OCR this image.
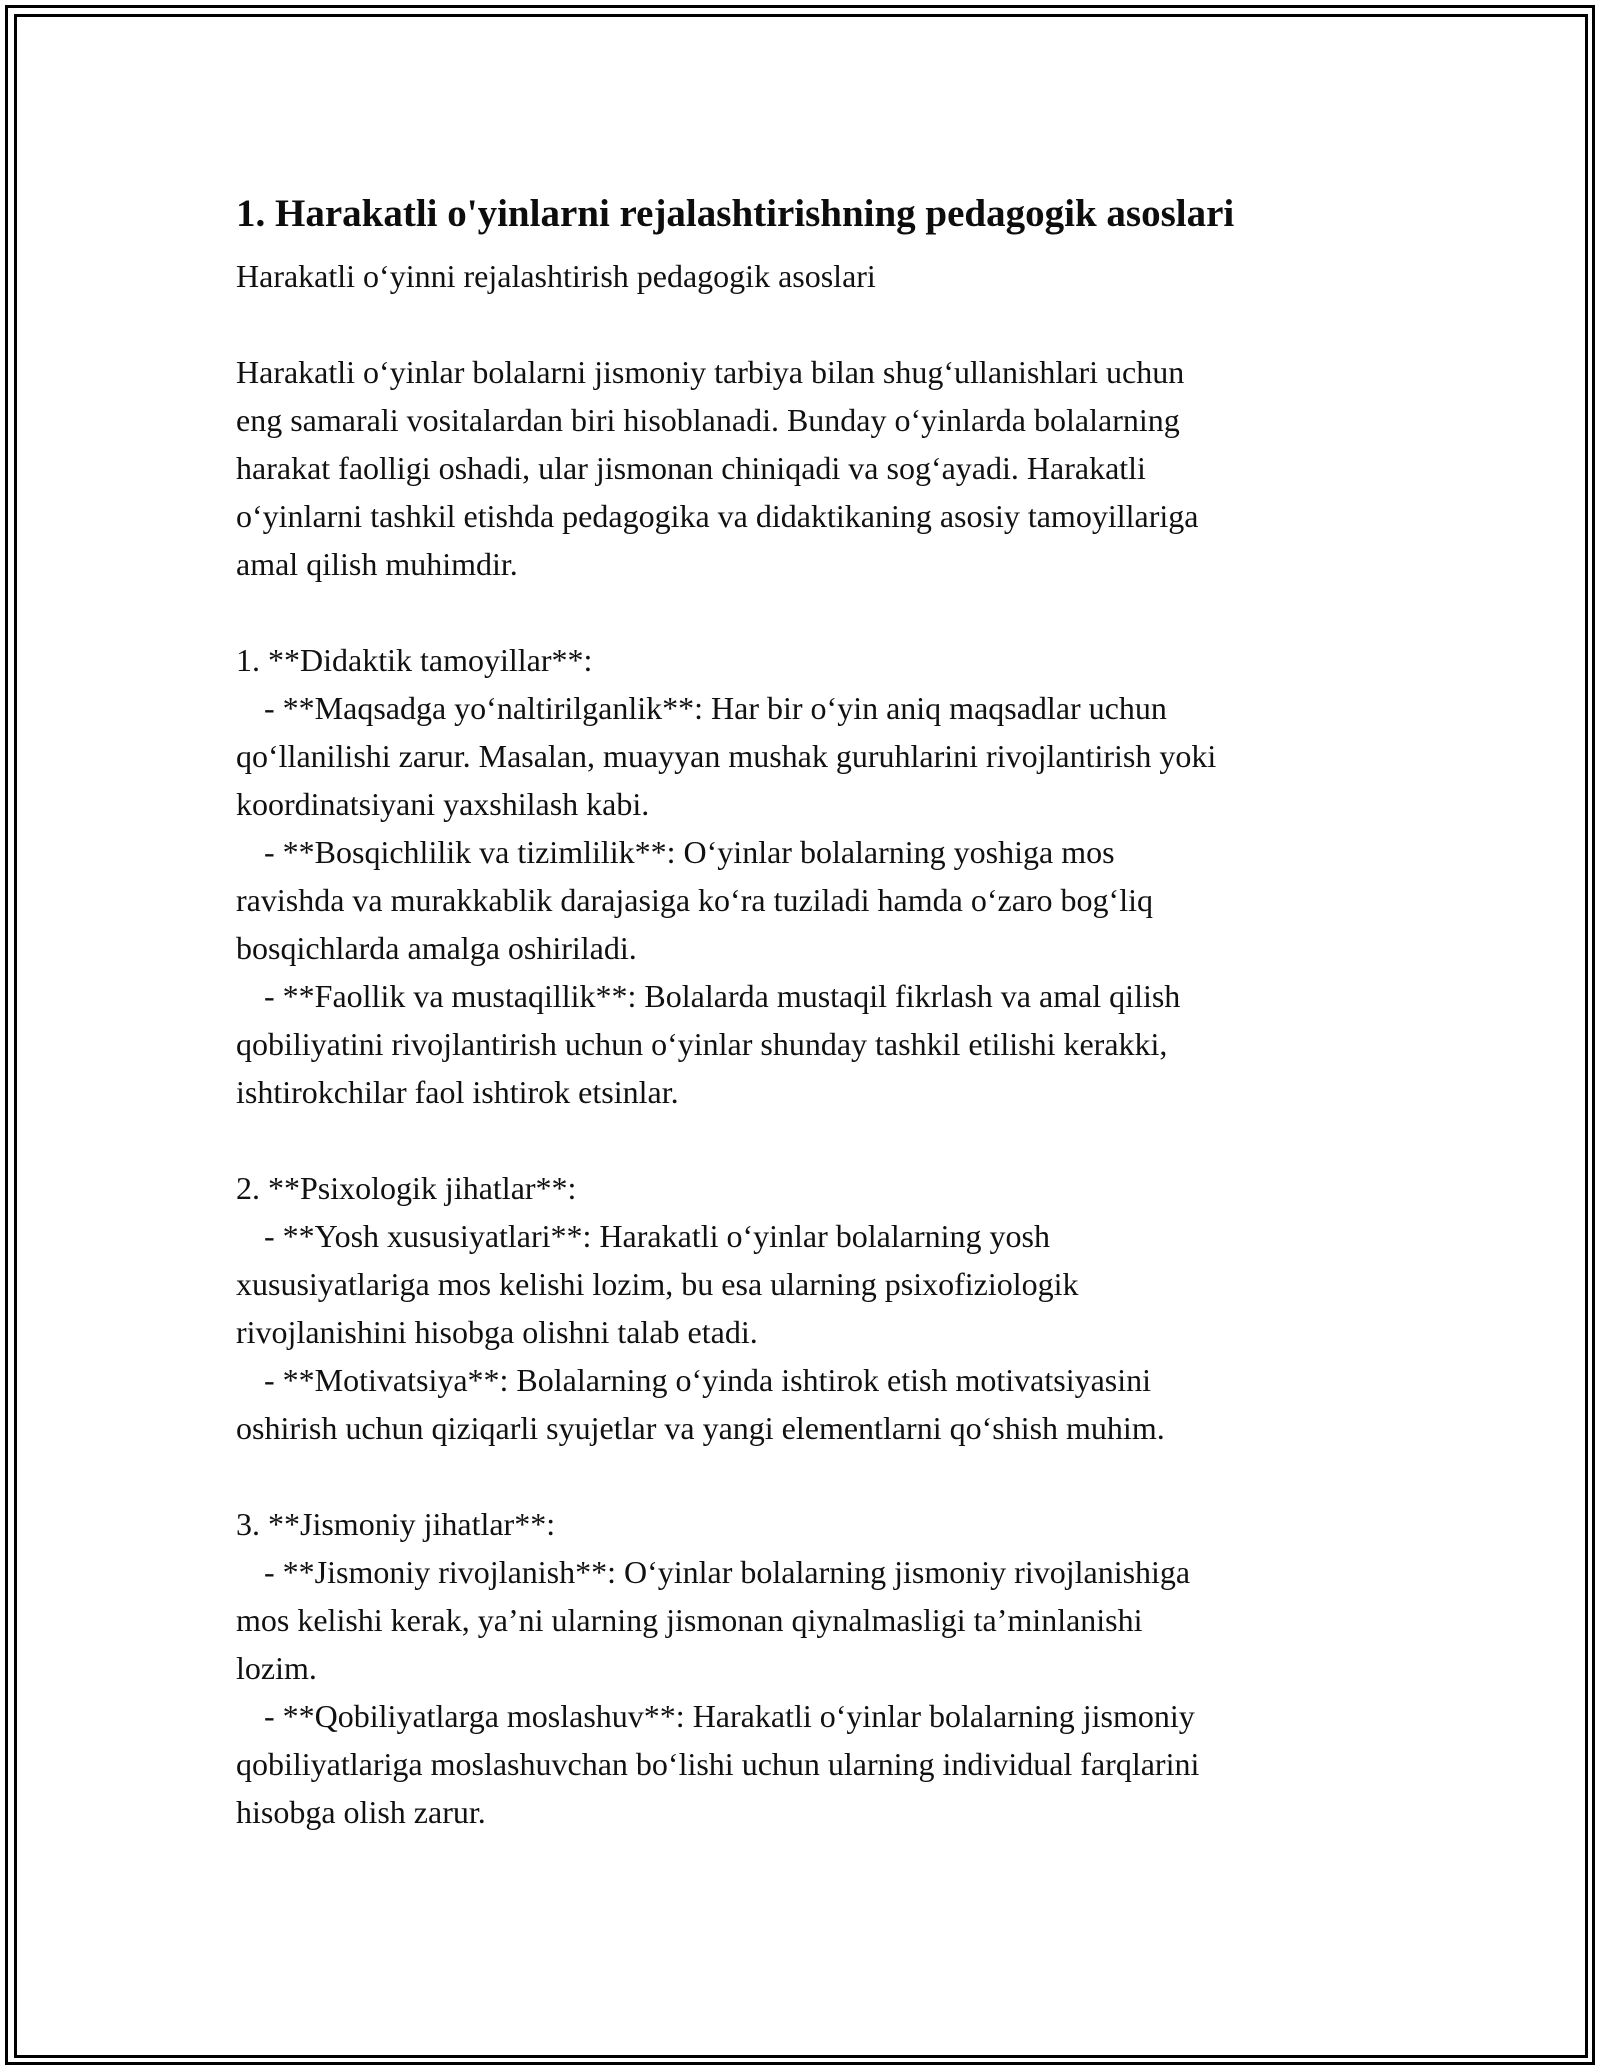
1. Harakatli o'yinlarni rejalashtirishning pedagogik asoslari

Harakatli o‘yinni rejalashtirish pedagogik asoslari

Harakatli o‘yinlar bolalarni jismoniy tarbiya bilan shug‘ullanishlari uchun
eng samarali vositalardan biri hisoblanadi. Bunday o‘yinlarda bolalarning
harakat faolligi oshadi, ular jismonan chiniqadi va sog‘ayadi. Harakatli
o‘yinlarni tashkil etishda pedagogika va didaktikaning asosiy tamoyillariga
amal qilish muhimdir.

1. **Didaktik tamoyillar**:

- **Maqsadga yo‘naltirilganlik**: Har bir o‘yin aniq maqsadlar uchun
qo‘llanilishi zarur. Masalan, muayyan mushak guruhlarini rivojlantirish yoki
koordinatsiyani yaxshilash kabi.

- **Bosqichlilik va tizimlilik**: O‘yinlar bolalarning yoshiga mos
ravishda va murakkablik darajasiga ko‘ra tuziladi hamda o‘zaro bog‘liq
bosqichlarda amalga oshiriladi.

- **Faollik va mustaqillik**: Bolalarda mustaqil fikrlash va amal qilish
qobiliyatini rivojlantirish uchun o‘yinlar shunday tashkil etilishi kerakki,
ishtirokchilar faol ishtirok etsinlar.

2. **Psixologik jihatlar**:

- **Yosh xususiyatlari**: Harakatli o‘yinlar bolalarning yosh
xususiyatlariga mos kelishi lozim, bu esa ularning psixofiziologik
rivojlanishini hisobga olishni talab etadi.

- **Motivatsiya**: Bolalarning o‘yinda ishtirok etish motivatsiyasini
oshirish uchun qiziqarli syujetlar va yangi elementlarni qo‘shish muhim.

3. **Jismoniy jihatlar**:

- **Jismoniy rivojlanish**: O‘yinlar bolalarning jismoniy rivojlanishiga
mos kelishi kerak, ya’ni ularning jismonan qiynalmasligi ta’minlanishi
lozim.

- **Qobiliyatlarga moslashuv**: Harakatli o‘yinlar bolalarning jismoniy
qobiliyatlariga moslashuvchan bo‘lishi uchun ularning individual farqlarini
hisobga olish zarur.
